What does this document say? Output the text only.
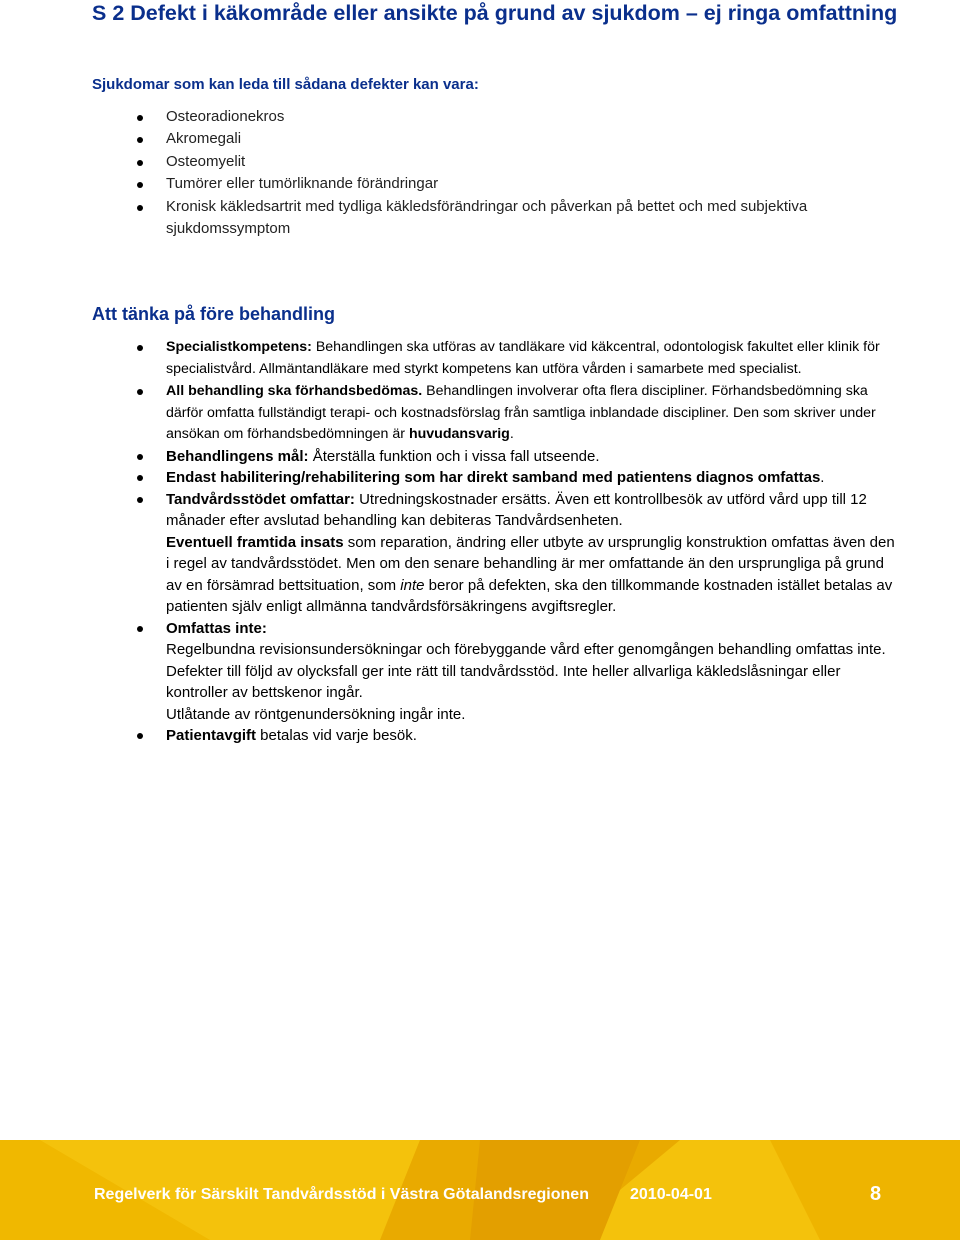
S 2 Defekt i käkområde eller ansikte på grund av sjukdom – ej ringa omfattning
Sjukdomar som kan leda till sådana defekter kan vara:
Osteoradionekros
Akromegali
Osteomyelit
Tumörer eller tumörliknande förändringar
Kronisk käkledsartrit med tydliga käkledsförändringar och påverkan på bettet och med subjektiva sjukdomssymptom
Att tänka på före behandling
Specialistkompetens: Behandlingen ska utföras av tandläkare vid käkcentral, odontologisk fakultet eller klinik för specialistvård. Allmäntandläkare med styrkt kompetens kan utföra vården i samarbete med specialist.
All behandling ska förhandsbedömas. Behandlingen involverar ofta flera discipliner. Förhandsbedömning ska därför omfatta fullständigt terapi- och kostnadsförslag från samtliga inblandade discipliner. Den som skriver under ansökan om förhandsbedömningen är huvudansvarig.
Behandlingens mål: Återställa funktion och i vissa fall utseende.
Endast habilitering/rehabilitering som har direkt samband med patientens diagnos omfattas.
Tandvårdsstödet omfattar: Utredningskostnader ersätts. Även ett kontrollbesök av utförd vård upp till 12 månader efter avslutad behandling kan debiteras Tandvårdsenheten.
Eventuell framtida insats som reparation, ändring eller utbyte av ursprunglig konstruktion omfattas även den i regel av tandvårdsstödet. Men om den senare behandling är mer omfattande än den ursprungliga på grund av en försämrad bettsituation, som inte beror på defekten, ska den tillkommande kostnaden istället betalas av patienten själv enligt allmänna tandvårdsförsäkringens avgiftsregler.
Omfattas inte:
Regelbundna revisionsundersökningar och förebyggande vård efter genomgången behandling omfattas inte.
Defekter till följd av olycksfall ger inte rätt till tandvårdsstöd. Inte heller allvarliga käkledslåsningar eller kontroller av bettskenor ingår.
Utlåtande av röntgenundersökning ingår inte.
Patientavgift betalas vid varje besök.
Regelverk för Särskilt Tandvårdsstöd i Västra Götalandsregionen	2010-04-01	8
